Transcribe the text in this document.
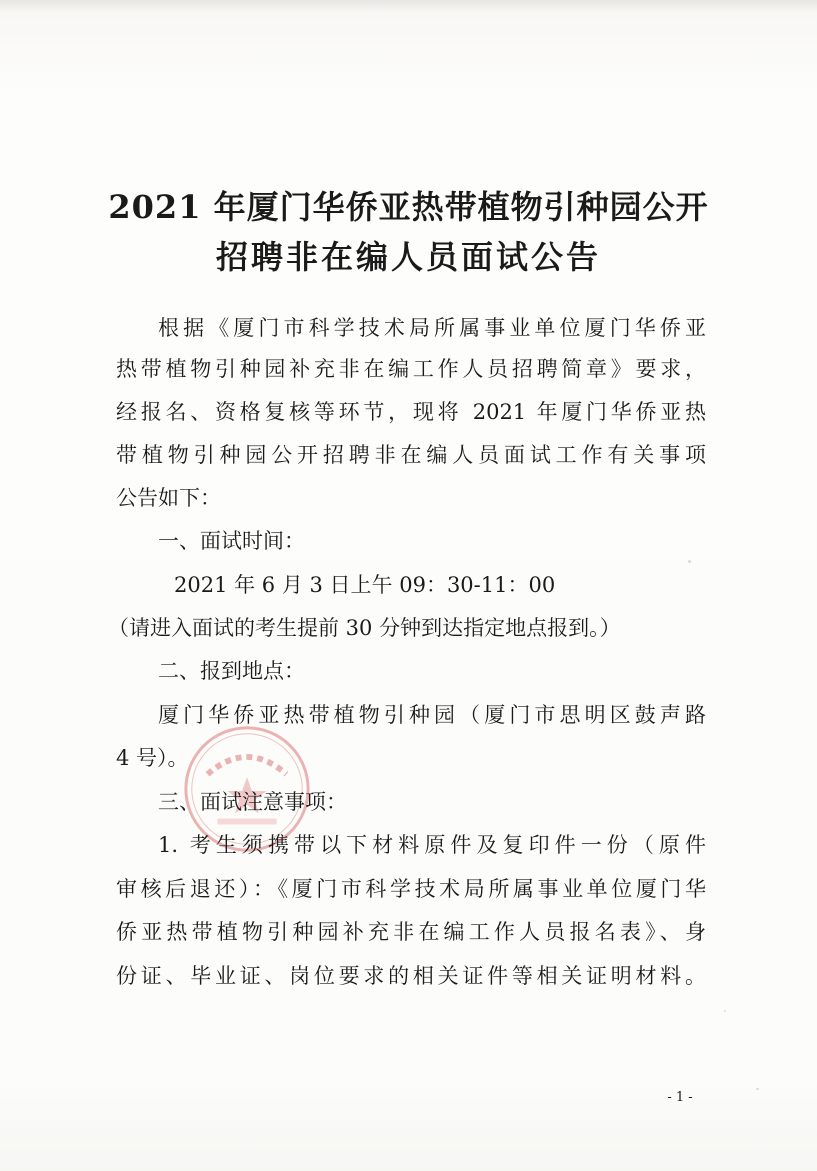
2021 年厦门华侨亚热带植物引种园公开
招聘非在编人员面试公告
根据《厦门市科学技术局所属事业单位厦门华侨亚
热带植物引种园补充非在编工作人员招聘简章》要求，
经报名、资格复核等环节，现将 2021 年厦门华侨亚热
带植物引种园公开招聘非在编人员面试工作有关事项
公告如下：
一、面试时间：
2021 年 6 月 3 日上午 09：30-11：00
（请进入面试的考生提前 30 分钟到达指定地点报到。）
二、报到地点：
厦门华侨亚热带植物引种园（厦门市思明区鼓声路
4 号）。
三、面试注意事项：
1. 考生须携带以下材料原件及复印件一份（原件
审核后退还）：《厦门市科学技术局所属事业单位厦门华
侨亚热带植物引种园补充非在编工作人员报名表》、身
份证、毕业证、岗位要求的相关证件等相关证明材料。
- 1 -
